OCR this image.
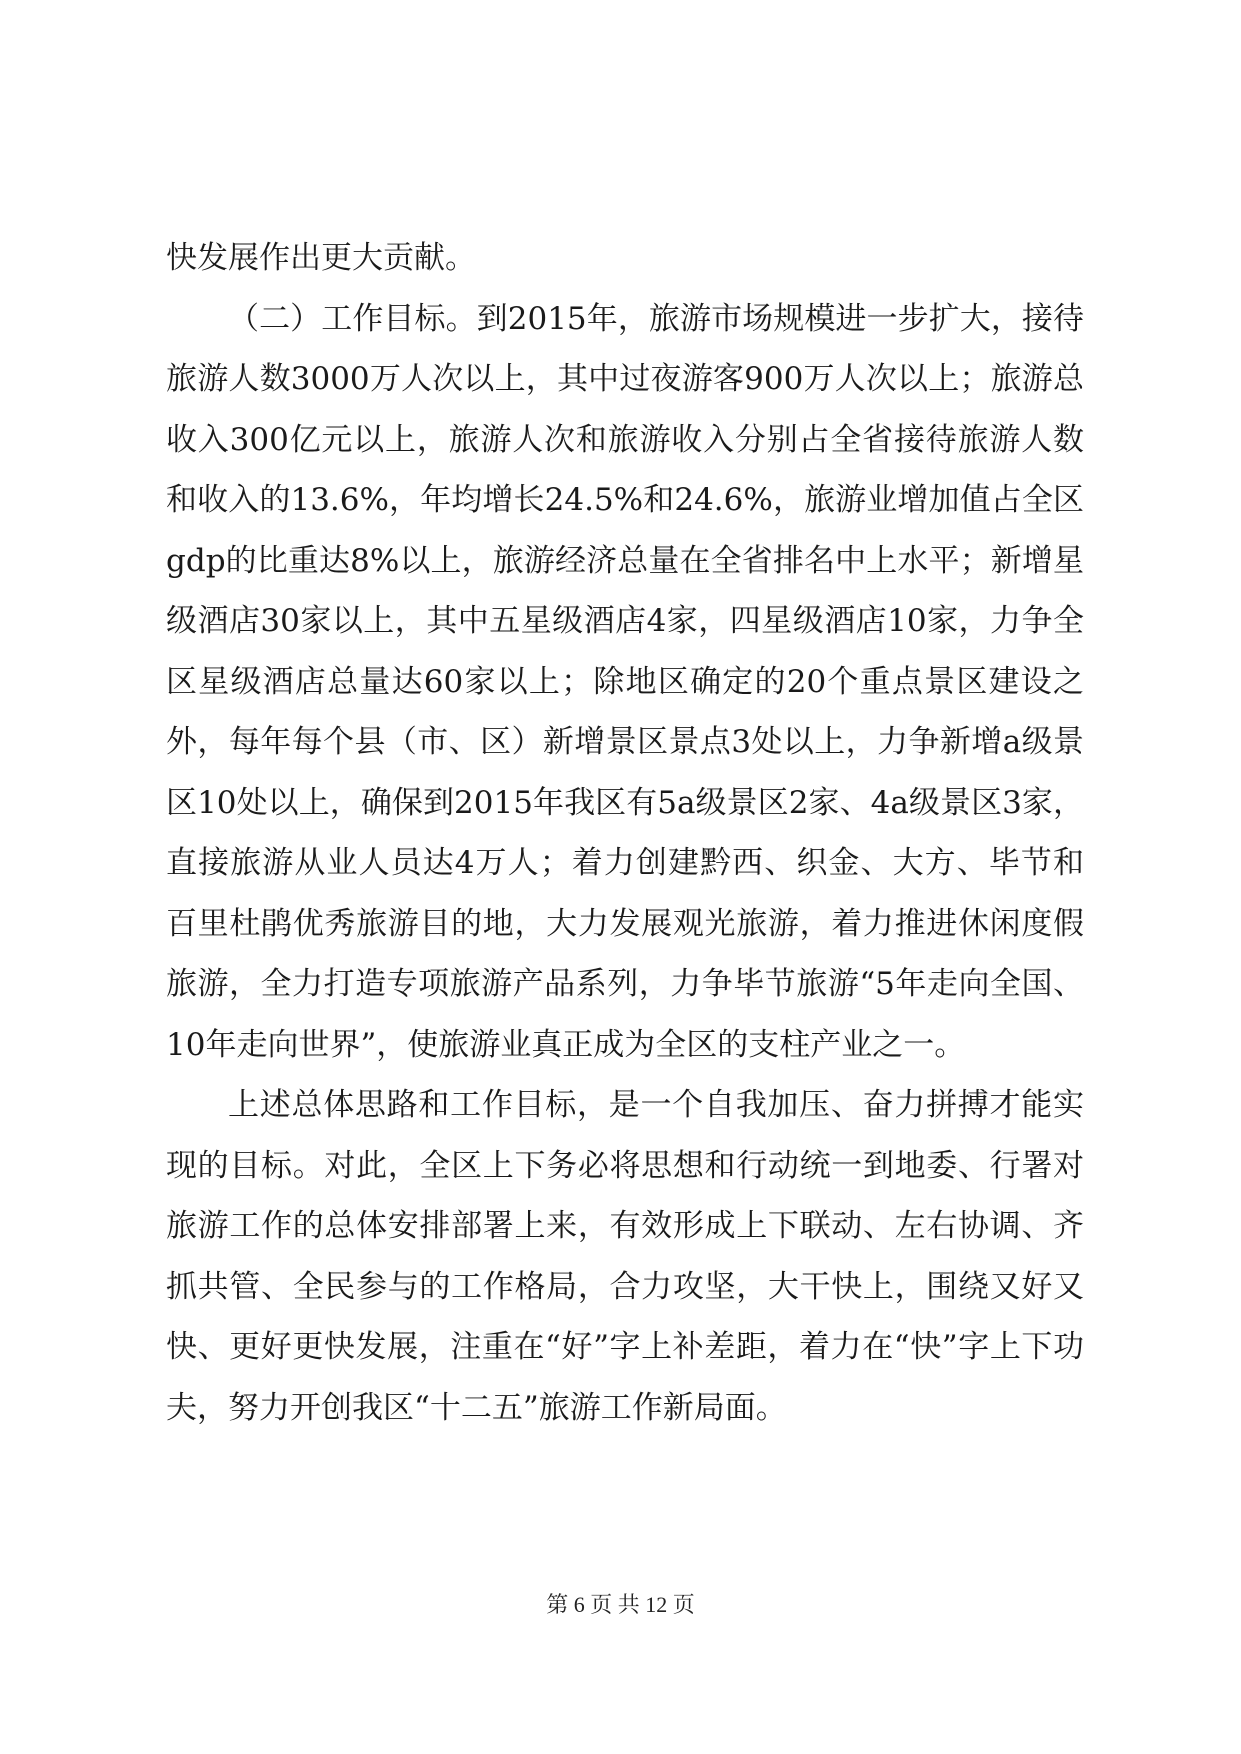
快发展作出更大贡献。

（二）工作目标。到2015年，旅游市场规模进一步扩大，接待旅游人数3000万人次以上，其中过夜游客900万人次以上；旅游总收入300亿元以上，旅游人次和旅游收入分别占全省接待旅游人数和收入的13.6%，年均增长24.5%和24.6%，旅游业增加值占全区gdp的比重达8%以上，旅游经济总量在全省排名中上水平；新增星级酒店30家以上，其中五星级酒店4家，四星级酒店10家，力争全区星级酒店总量达60家以上；除地区确定的20个重点景区建设之外，每年每个县（市、区）新增景区景点3处以上，力争新增a级景区10处以上，确保到2015年我区有5a级景区2家、4a级景区3家，直接旅游从业人员达4万人；着力创建黔西、织金、大方、毕节和百里杜鹃优秀旅游目的地，大力发展观光旅游，着力推进休闲度假旅游，全力打造专项旅游产品系列，力争毕节旅游“5年走向全国、10年走向世界”，使旅游业真正成为全区的支柱产业之一。

上述总体思路和工作目标，是一个自我加压、奋力拼搏才能实现的目标。对此，全区上下务必将思想和行动统一到地委、行署对旅游工作的总体安排部署上来，有效形成上下联动、左右协调、齐抓共管、全民参与的工作格局，合力攻坚，大干快上，围绕又好又快、更好更快发展，注重在“好”字上补差距，着力在“快”字上下功夫，努力开创我区“十二五”旅游工作新局面。

第 6 页 共 12 页
